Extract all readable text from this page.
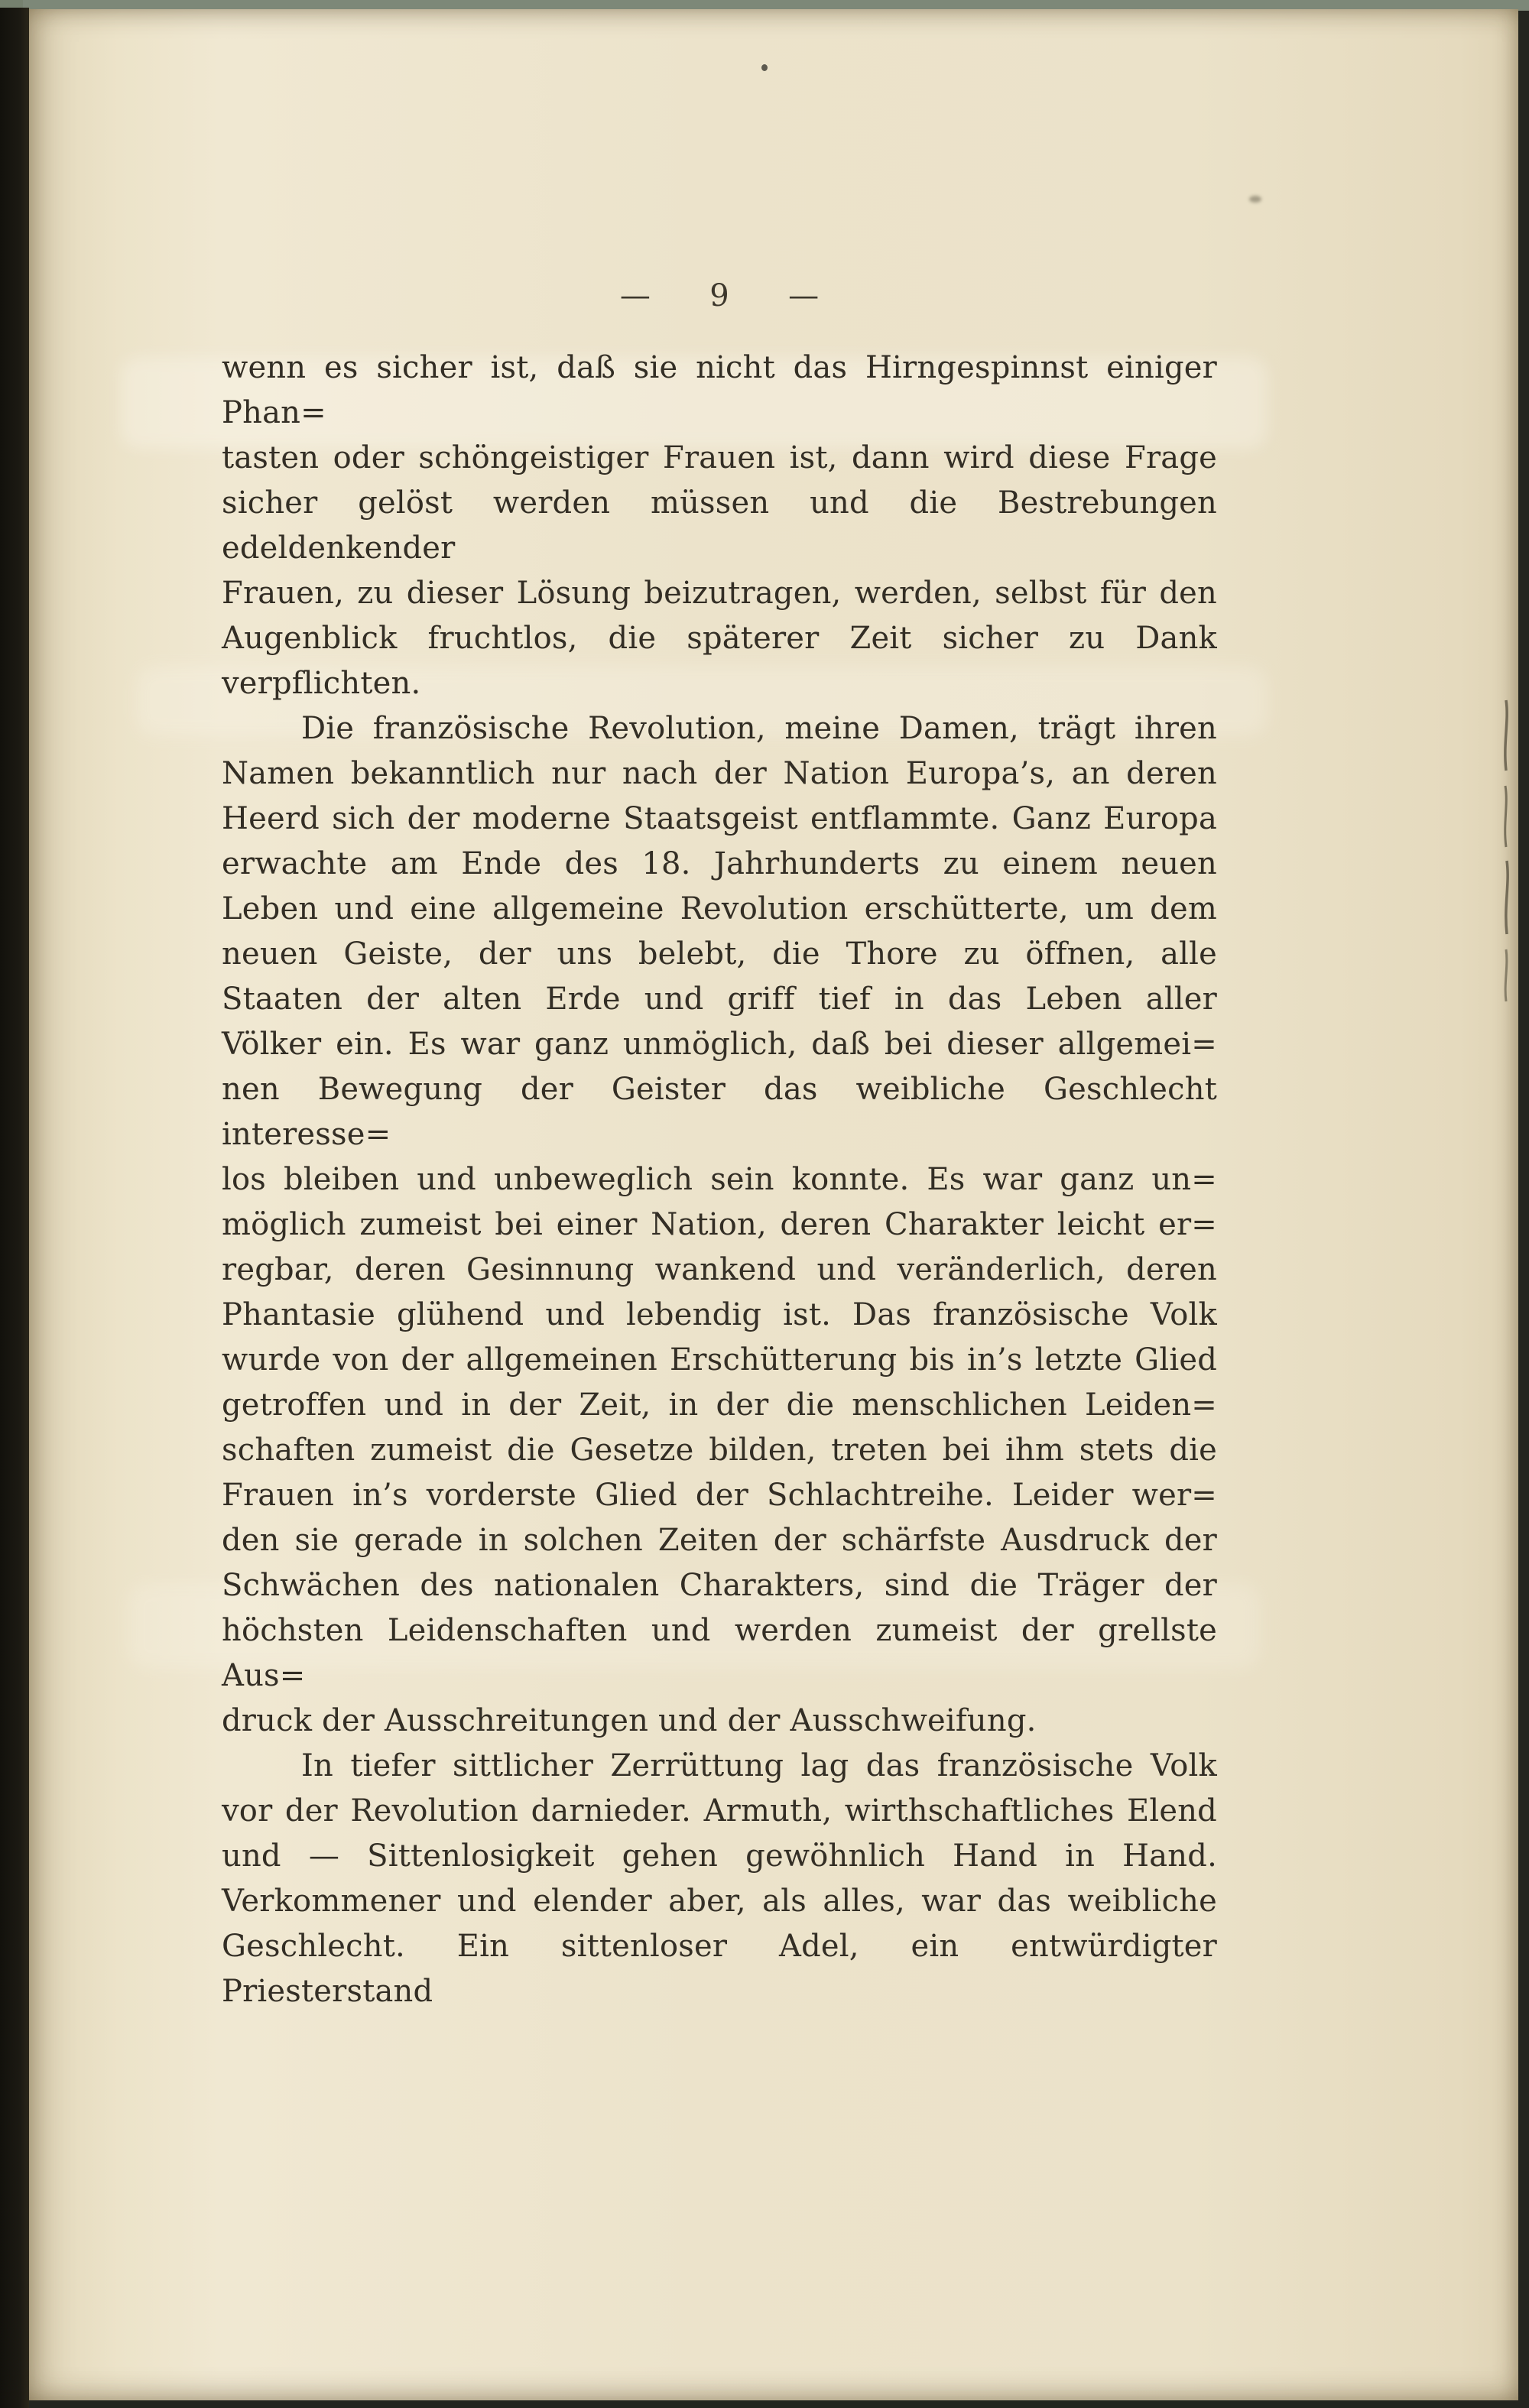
—  9  —
wenn es sicher ist, daß sie nicht das Hirngespinnst einiger Phan=
tasten oder schöngeistiger Frauen ist, dann wird diese Frage
sicher gelöst werden müssen und die Bestrebungen edeldenkender
Frauen, zu dieser Lösung beizutragen, werden, selbst für den
Augenblick fruchtlos, die späterer Zeit sicher zu Dank verpflichten.
Die französische Revolution, meine Damen, trägt ihren
Namen bekanntlich nur nach der Nation Europa’s, an deren
Heerd sich der moderne Staatsgeist entflammte. Ganz Europa
erwachte am Ende des 18. Jahrhunderts zu einem neuen
Leben und eine allgemeine Revolution erschütterte, um dem
neuen Geiste, der uns belebt, die Thore zu öffnen, alle
Staaten der alten Erde und griff tief in das Leben aller
Völker ein. Es war ganz unmöglich, daß bei dieser allgemei=
nen Bewegung der Geister das weibliche Geschlecht interesse=
los bleiben und unbeweglich sein konnte. Es war ganz un=
möglich zumeist bei einer Nation, deren Charakter leicht er=
regbar, deren Gesinnung wankend und veränderlich, deren
Phantasie glühend und lebendig ist. Das französische Volk
wurde von der allgemeinen Erschütterung bis in’s letzte Glied
getroffen und in der Zeit, in der die menschlichen Leiden=
schaften zumeist die Gesetze bilden, treten bei ihm stets die
Frauen in’s vorderste Glied der Schlachtreihe. Leider wer=
den sie gerade in solchen Zeiten der schärfste Ausdruck der
Schwächen des nationalen Charakters, sind die Träger der
höchsten Leidenschaften und werden zumeist der grellste Aus=
druck der Ausschreitungen und der Ausschweifung.
In tiefer sittlicher Zerrüttung lag das französische Volk
vor der Revolution darnieder. Armuth, wirthschaftliches Elend
und — Sittenlosigkeit gehen gewöhnlich Hand in Hand.
Verkommener und elender aber, als alles, war das weibliche
Geschlecht. Ein sittenloser Adel, ein entwürdigter Priesterstand
